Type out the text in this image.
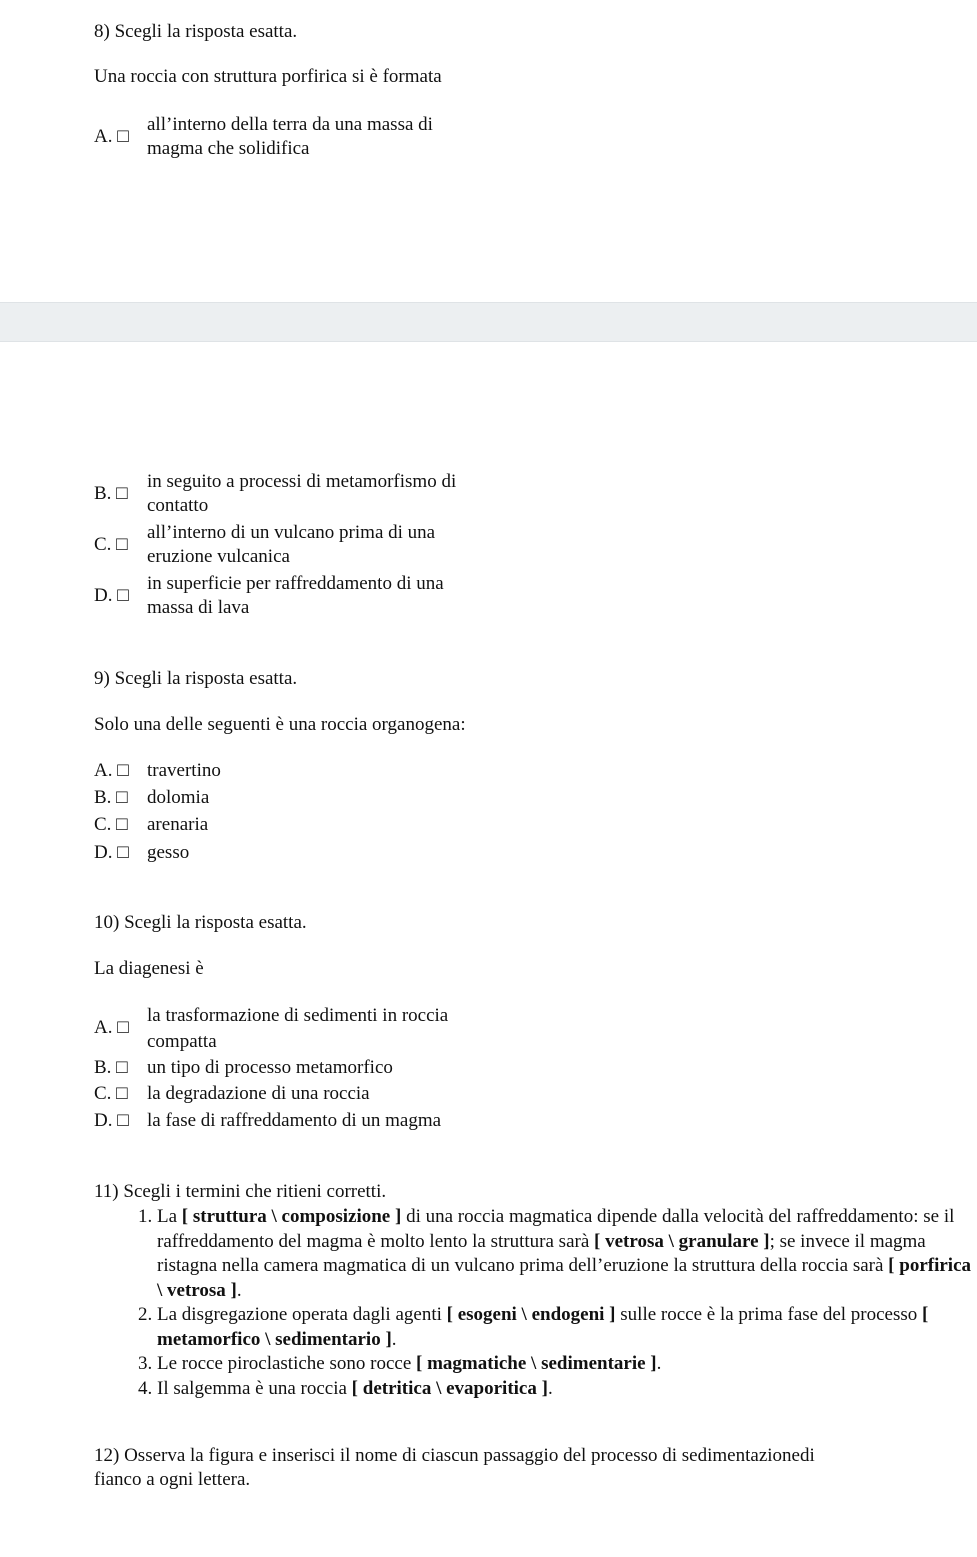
8) Scegli la risposta esatta.
Una roccia con struttura porfirica si è formata
A. □
all’interno della terra da una massa di
magma che solidifica
B. □
in seguito a processi di metamorfismo di
contatto
C. □
all’interno di un vulcano prima di una
eruzione vulcanica
D. □
in superficie per raffreddamento di una
massa di lava
9) Scegli la risposta esatta.
Solo una delle seguenti è una roccia organogena:
A. □ travertino
B. □ dolomia
C. □ arenaria
D. □ gesso
10) Scegli la risposta esatta.
La diagenesi è
A. □
la trasformazione di sedimenti in roccia
compatta
B. □ un tipo di processo metamorfico
C. □ la degradazione di una roccia
D. □ la fase di raffreddamento di un magma
11) Scegli i termini che ritieni corretti.
1. La [ struttura \ composizione ] di una roccia magmatica dipende dalla velocità del raffreddamento: se il raffreddamento del magma è molto lento la struttura sarà [ vetrosa \ granulare ]; se invece il magma ristagna nella camera magmatica di un vulcano prima dell’eruzione la struttura della roccia sarà [ porfirica \ vetrosa ].
2. La disgregazione operata dagli agenti [ esogeni \ endogeni ] sulle rocce è la prima fase del processo [ metamorfico \ sedimentario ].
3. Le rocce piroclastiche sono rocce [ magmatiche \ sedimentarie ].
4. Il salgemma è una roccia [ detritica \ evaporitica ].
12) Osserva la figura e inserisci il nome di ciascun passaggio del processo di sedimentazionedi
fianco a ogni lettera.
